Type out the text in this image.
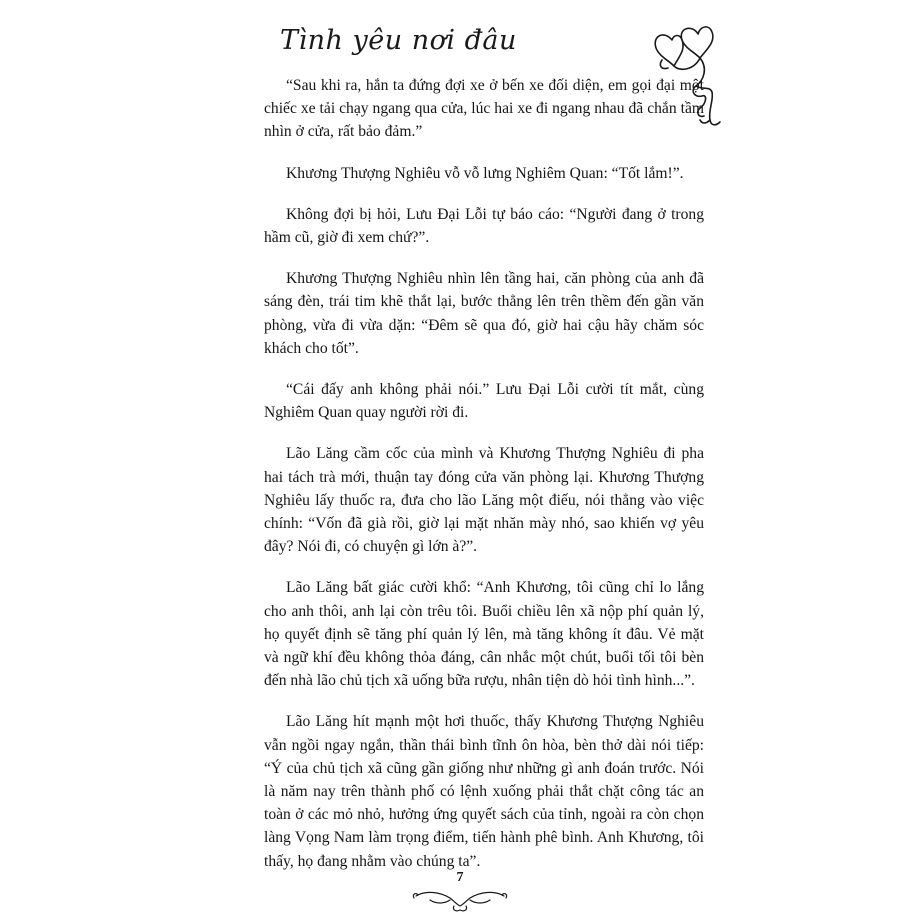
Tình yêu nơi đâu

“Sau khi ra, hắn ta đứng đợi xe ở bến xe đối diện, em gọi đại một chiếc xe tải chạy ngang qua cửa, lúc hai xe đi ngang nhau đã chắn tầm nhìn ở cửa, rất bảo đảm.”

Khương Thượng Nghiêu vỗ vỗ lưng Nghiêm Quan: “Tốt lắm!”.

Không đợi bị hỏi, Lưu Đại Lỗi tự báo cáo: “Người đang ở trong hầm cũ, giờ đi xem chứ?”.

Khương Thượng Nghiêu nhìn lên tầng hai, căn phòng của anh đã sáng đèn, trái tim khẽ thắt lại, bước thẳng lên trên thềm đến gần văn phòng, vừa đi vừa dặn: “Đêm sẽ qua đó, giờ hai cậu hãy chăm sóc khách cho tốt”.

“Cái đấy anh không phải nói.” Lưu Đại Lỗi cười tít mắt, cùng Nghiêm Quan quay người rời đi.

Lão Lăng cầm cốc của mình và Khương Thượng Nghiêu đi pha hai tách trà mới, thuận tay đóng cửa văn phòng lại. Khương Thượng Nghiêu lấy thuốc ra, đưa cho lão Lăng một điếu, nói thẳng vào việc chính: “Vốn đã già rồi, giờ lại mặt nhăn mày nhó, sao khiến vợ yêu đây? Nói đi, có chuyện gì lớn à?”.

Lão Lăng bất giác cười khổ: “Anh Khương, tôi cũng chỉ lo lắng cho anh thôi, anh lại còn trêu tôi. Buổi chiều lên xã nộp phí quản lý, họ quyết định sẽ tăng phí quản lý lên, mà tăng không ít đâu. Vẻ mặt và ngữ khí đều không thỏa đáng, cân nhắc một chút, buổi tối tôi bèn đến nhà lão chủ tịch xã uống bữa rượu, nhân tiện dò hỏi tình hình...”.

Lão Lăng hít mạnh một hơi thuốc, thấy Khương Thượng Nghiêu vẫn ngồi ngay ngắn, thần thái bình tĩnh ôn hòa, bèn thở dài nói tiếp: “Ý của chủ tịch xã cũng gần giống như những gì anh đoán trước. Nói là năm nay trên thành phố có lệnh xuống phải thắt chặt công tác an toàn ở các mỏ nhỏ, hưởng ứng quyết sách của tỉnh, ngoài ra còn chọn làng Vọng Nam làm trọng điểm, tiến hành phê bình. Anh Khương, tôi thấy, họ đang nhằm vào chúng ta”.

7
